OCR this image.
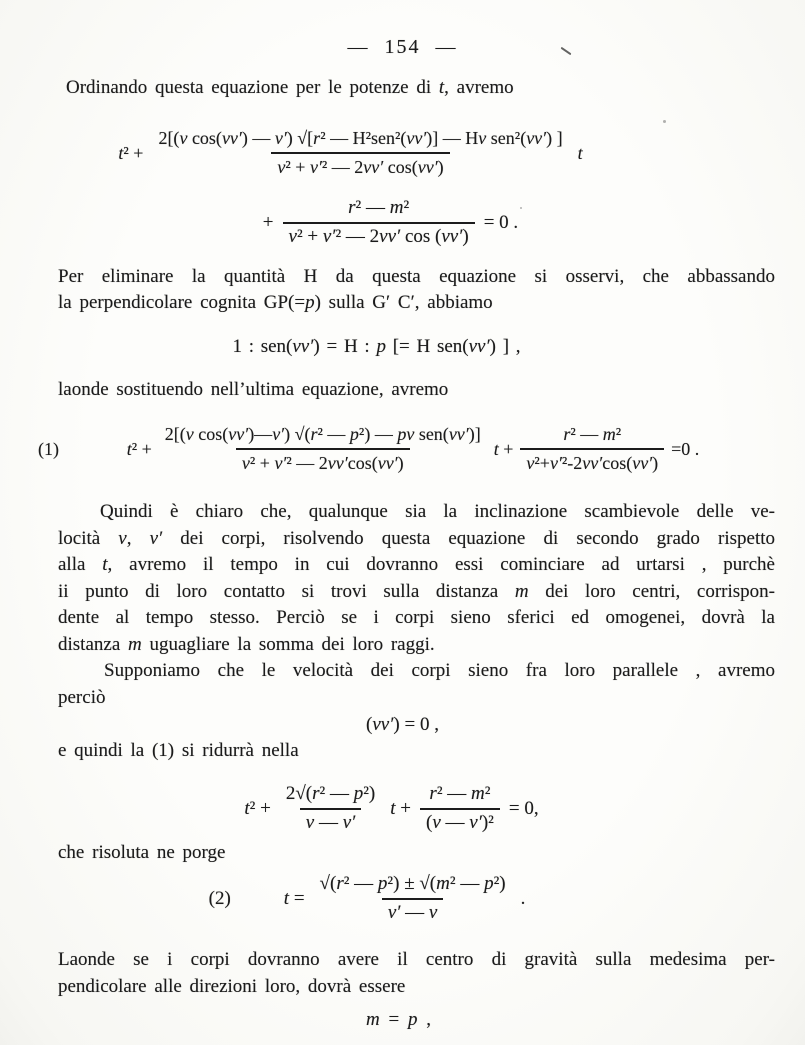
— 154 —
Ordinando questa equazione per le potenze di t, avremo
$t^2 + \frac{\text{2[(v cos(vv′) — v′) √[r² — H²sen²(vv′)] — Hv sen²(vv′) ]}}{\text{v² + v′² — 2vv′ cos(vv′)}}$ t
+ $\frac{\text{r² — m²}}{\text{v² + v′² — 2vv′ cos (vv′)}} = 0$ .
Per eliminare la quantità H da questa equazione si osservi, che abbassando
la perpendicolare cognita GP(=p) sulla G′ C′, abbiamo
1 : sen(vv′) = H : p [= H sen(vv′) ] ,
laonde sostituendo nell’ultima equazione, avremo
(1)	$t^2 + \frac{\text{2[(v cos(vv′)—v′) √(r² — p²) — pv sen(vv′)]}}{\text{v² + v′² — 2vv′cos(vv′)}}$ $t + \frac{\text{r² — m²}}{\text{v²+v′²-2vv′cos(vv′)}} =0$ .
Quindi è chiaro che, qualunque sia la inclinazione scambievole delle ve-
locità v, v′ dei corpi, risolvendo questa equazione di secondo grado rispetto
alla t, avremo il tempo in cui dovranno essi cominciare ad urtarsi , purchè
ii punto di loro contatto si trovi sulla distanza m dei loro centri, corrispon-
dente al tempo stesso. Perciò se i corpi sieno sferici ed omogenei, dovrà la
distanza m uguagliare la somma dei loro raggi.
Supponiamo che le velocità dei corpi sieno fra loro parallele , avremo
perciò
(vv′) = 0 ,
e quindi la (1) si ridurrà nella
$t^2 + \frac{\text{2√(r² — p²)}}{v — v'}$ $t + \frac{\text{r² — m²}}{\text{(v — v′)²}} = 0$,
che risoluta ne porge
(2)	$t = \frac{\text{√(r² — p²) ± √(m² — p²)}}{v' — v}$ .
Laonde se i corpi dovranno avere il centro di gravità sulla medesima per-
pendicolare alle direzioni loro, dovrà essere
m = p ,
